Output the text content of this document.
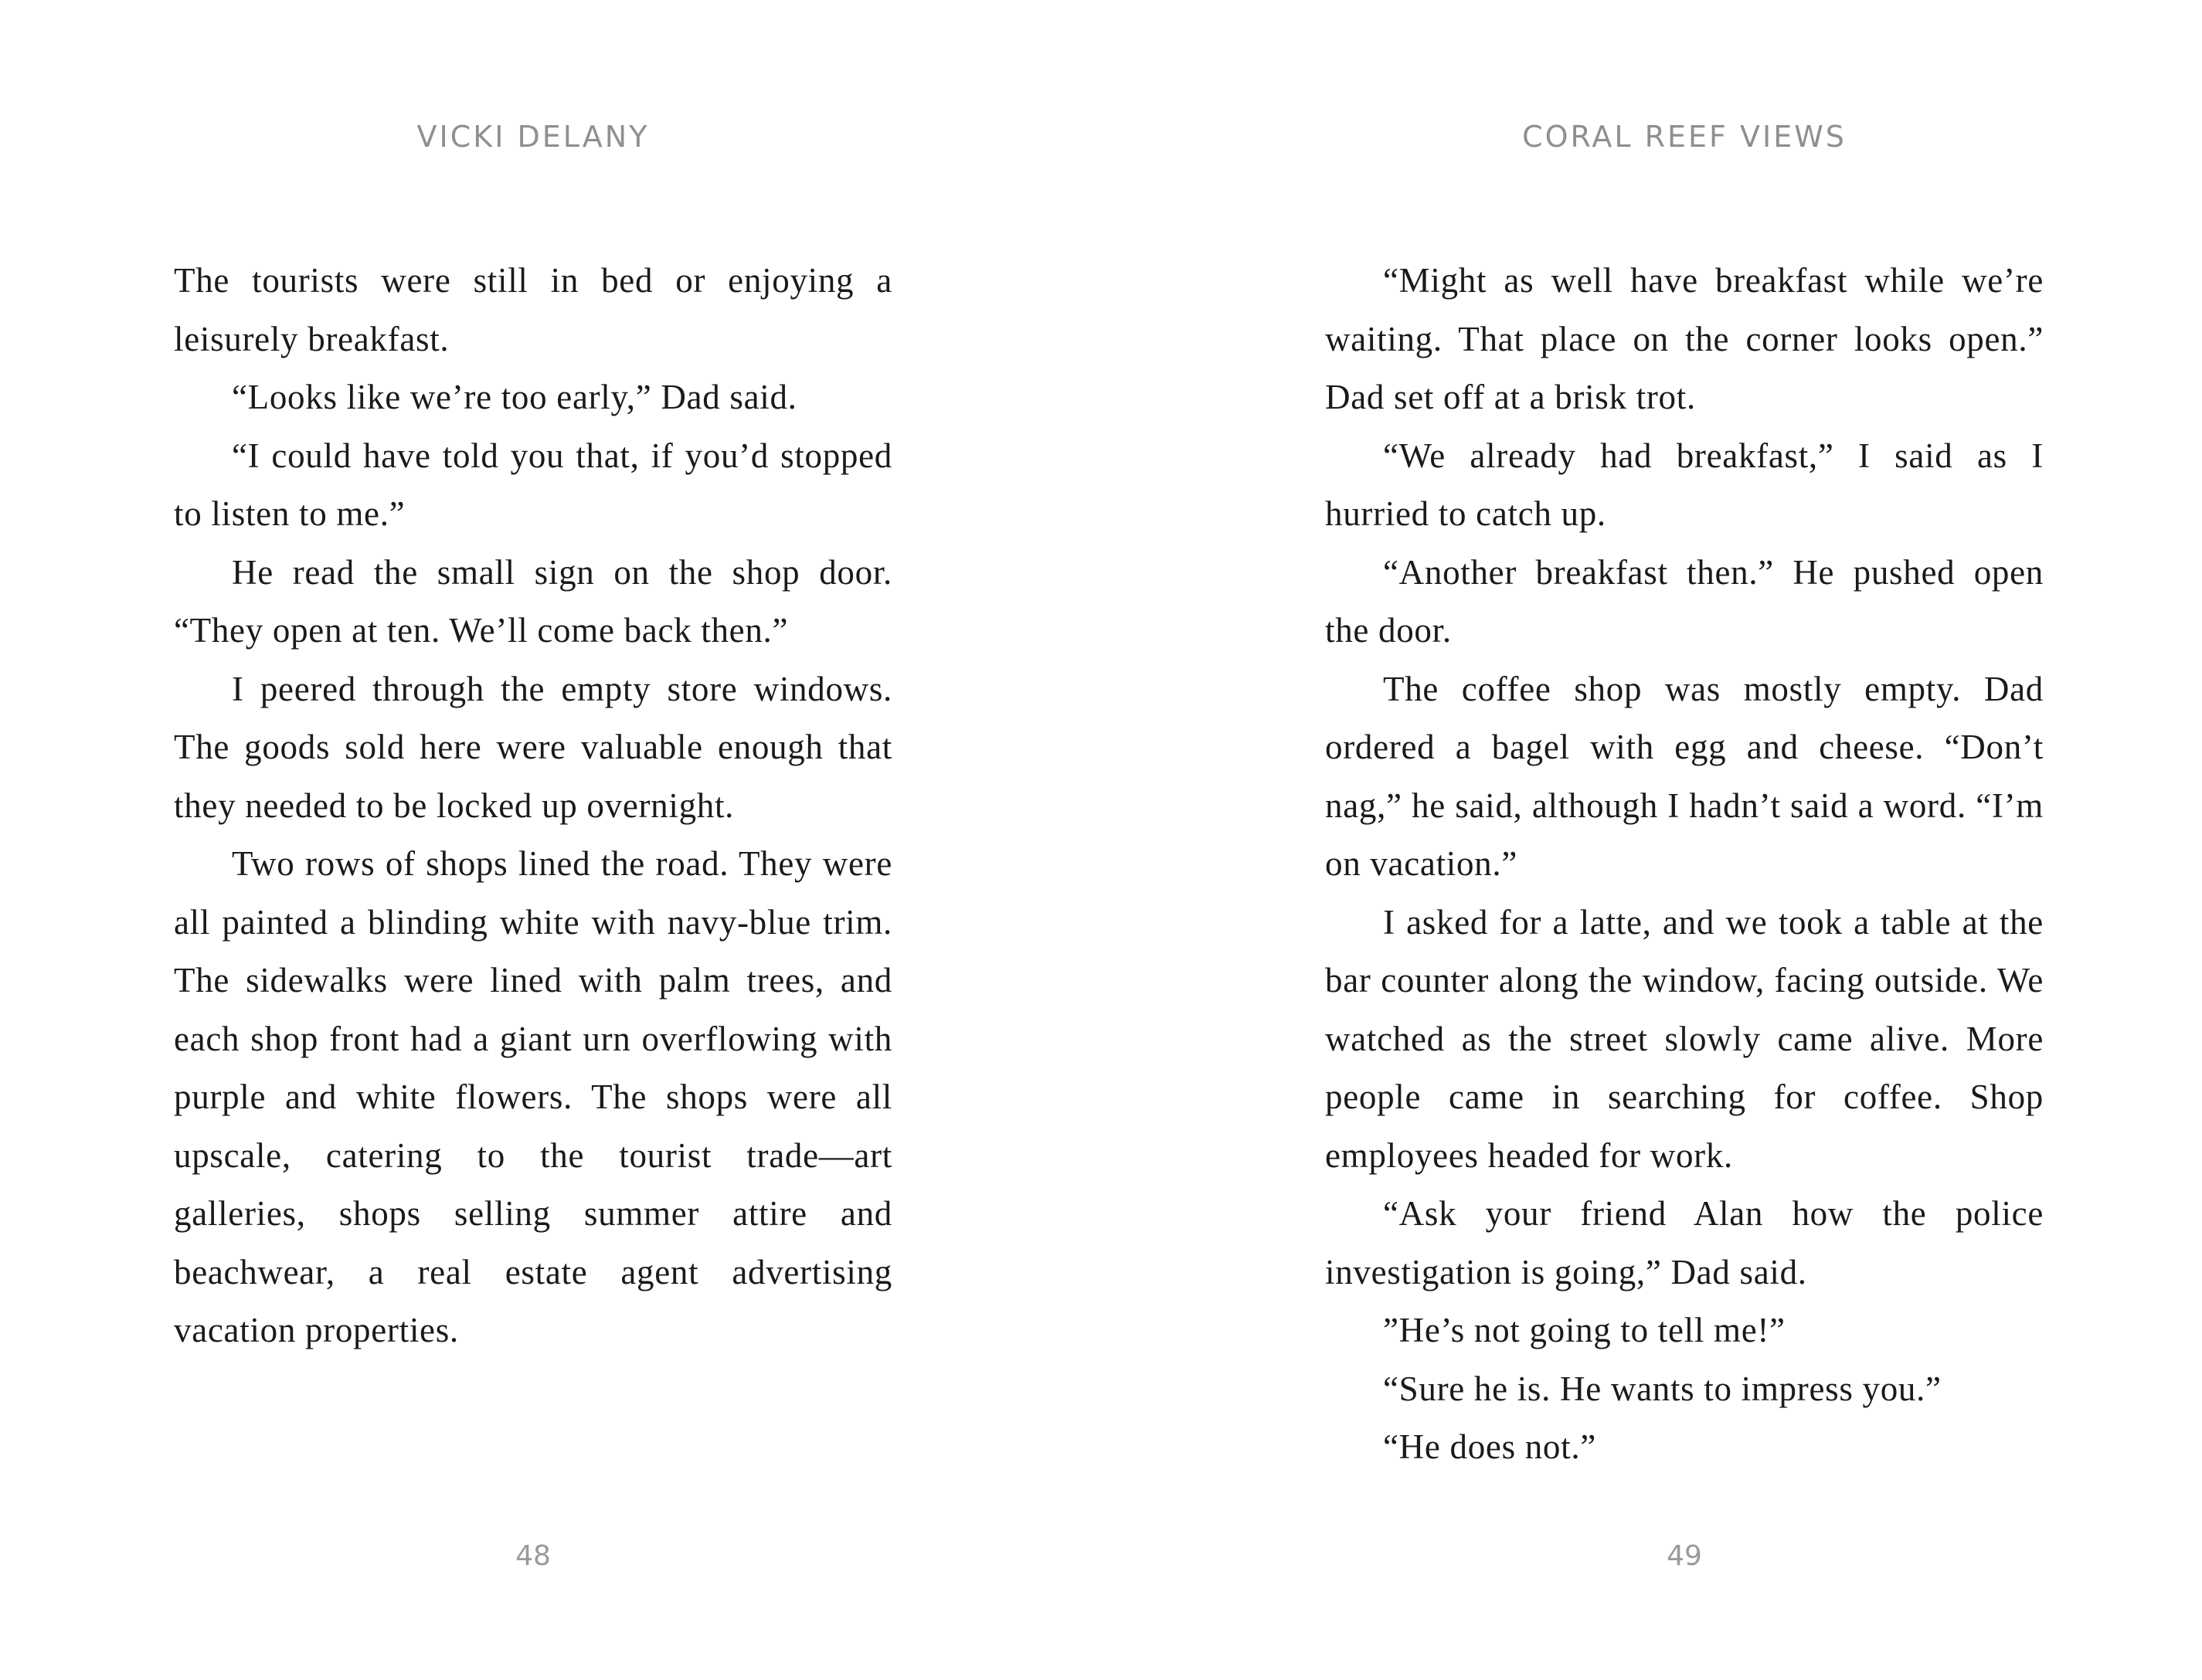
VICKI DELANY

The tourists were still in bed or enjoying a leisurely breakfast.

“Looks like we’re too early,” Dad said.

“I could have told you that, if you’d stopped to listen to me.”

He read the small sign on the shop door. “They open at ten. We’ll come back then.”

I peered through the empty store windows. The goods sold here were valuable enough that they needed to be locked up overnight.

Two rows of shops lined the road. They were all painted a blinding white with navy-blue trim. The sidewalks were lined with palm trees, and each shop front had a giant urn overflowing with purple and white flowers. The shops were all upscale, catering to the tourist trade—art galleries, shops selling summer attire and beachwear, a real estate agent advertising vacation properties.

48
CORAL REEF VIEWS

“Might as well have breakfast while we’re waiting. That place on the corner looks open.” Dad set off at a brisk trot.

“We already had breakfast,” I said as I hurried to catch up.

“Another breakfast then.” He pushed open the door.

The coffee shop was mostly empty. Dad ordered a bagel with egg and cheese. “Don’t nag,” he said, although I hadn’t said a word. “I’m on vacation.”

I asked for a latte, and we took a table at the bar counter along the window, facing outside. We watched as the street slowly came alive. More people came in searching for coffee. Shop employees headed for work.

“Ask your friend Alan how the police investigation is going,” Dad said.

”He’s not going to tell me!”

“Sure he is. He wants to impress you.”

“He does not.”

49
